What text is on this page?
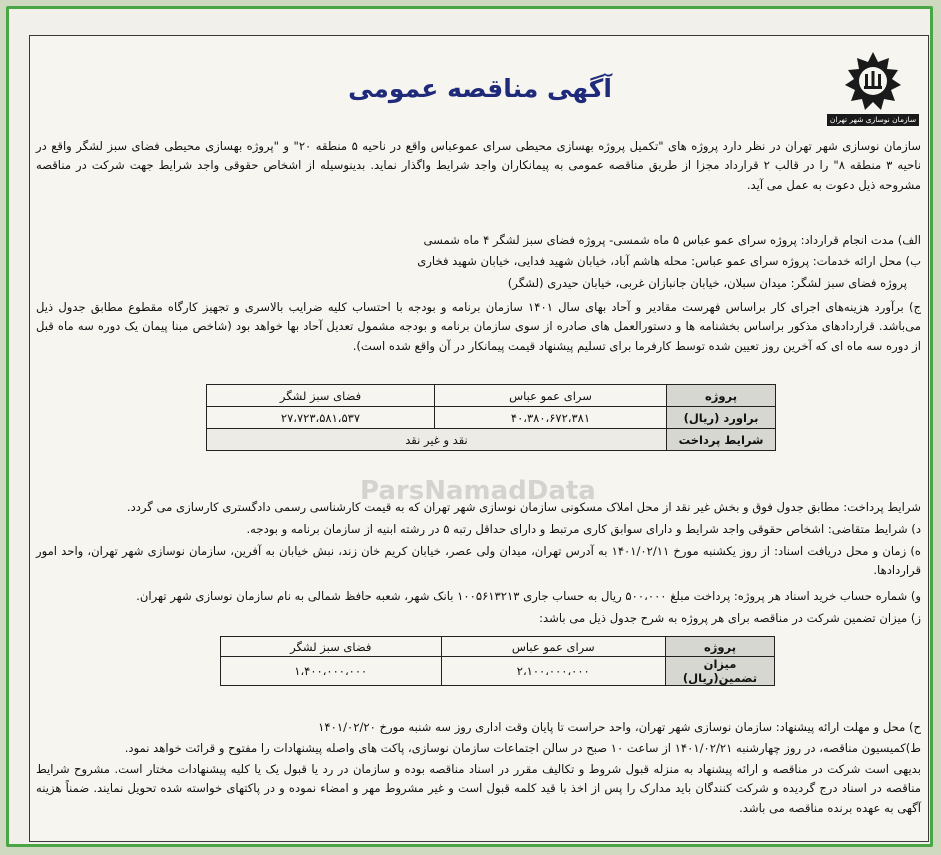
سازمان نوسازی شهر تهران
آگهی مناقصه عمومی

سازمان نوسازی شهر تهران در نظر دارد پروژه های "تکمیل پروژه بهسازی محیطی سرای عموعباس واقع در ناحیه ۵ منطقه ۲۰" و "پروژه بهسازی محیطی فضای سبز لشگر واقع در ناحیه ۳ منطقه ۸" را در قالب ۲ قرارداد مجزا از طریق مناقصه عمومی به پیمانکاران واجد شرایط واگذار نماید. بدینوسیله از اشخاص حقوقی واجد شرایط جهت شرکت در مناقصه مشروحه ذیل دعوت به عمل می آید.

الف) مدت انجام قرارداد: پروژه سرای عمو عباس ۵ ماه شمسی- پروژه فضای سبز لشگر ۴ ماه شمسی

ب) محل ارائه خدمات: پروژه سرای عمو عباس: محله هاشم آباد، خیابان شهید فدایی، خیابان شهید فخاری

پروژه فضای سبز لشگر: میدان سبلان، خیابان جانبازان غربی، خیابان حیدری (لشگر)

ج) برآورد هزینه‌های اجرای کار براساس فهرست مقادیر و آحاد بهای سال ۱۴۰۱ سازمان برنامه و بودجه با احتساب کلیه ضرایب بالاسری و تجهیز کارگاه مقطوع مطابق جدول ذیل می‌باشد. قراردادهای مذکور براساس بخشنامه ها و دستورالعمل های صادره از سوی سازمان برنامه و بودجه مشمول تعدیل آحاد بها خواهد بود (شاخص مبنا پیمان یک دوره سه ماه قبل از دوره سه ماه ای که آخرین روز تعیین شده توسط کارفرما برای تسلیم پیشنهاد قیمت پیمانکار در آن واقع شده است).

شرایط پرداخت: مطابق جدول فوق و بخش غیر نقد از محل املاک مسکونی سازمان نوسازی شهر تهران که به قیمت کارشناسی رسمی دادگستری کارسازی می گردد.

د) شرایط متقاضی: اشخاص حقوقی واجد شرایط و دارای سوابق کاری مرتبط و دارای حداقل رتبه ۵ در رشته ابنیه از سازمان برنامه و بودجه.

ه) زمان و محل دریافت اسناد: از روز یکشنبه مورخ ۱۴۰۱/۰۲/۱۱ به آدرس تهران، میدان ولی عصر، خیابان کریم خان زند، نبش خیابان به آفرین، سازمان نوسازی شهر تهران، واحد امور قراردادها.

و) شماره حساب خرید اسناد هر پروژه: پرداخت مبلغ ۵۰۰،۰۰۰ ریال به حساب جاری ۱۰۰۵۶۱۳۲۱۳ بانک شهر، شعبه حافظ شمالی به نام سازمان نوسازی شهر تهران.

ز) میزان تضمین شرکت در مناقصه برای هر پروژه به شرح جدول ذیل می باشد:

ح) محل و مهلت ارائه پیشنهاد: سازمان نوسازی شهر تهران، واحد حراست تا پایان وقت اداری روز سه شنبه مورخ ۱۴۰۱/۰۲/۲۰

ط)کمیسیون مناقصه، در روز چهارشنبه ۱۴۰۱/۰۲/۲۱ از ساعت ۱۰ صبح در سالن اجتماعات سازمان نوسازی، پاکت های واصله پیشنهادات را مفتوح و قرائت خواهد نمود.

بدیهی است شرکت در مناقصه و ارائه پیشنهاد به منزله قبول شروط و تکالیف مقرر در اسناد مناقصه بوده و سازمان در رد یا قبول یک یا کلیه پیشنهادات مختار است. مشروح شرایط مناقصه در اسناد درج گردیده و شرکت کنندگان باید مدارک را پس از اخذ با قید کلمه قبول است و غیر مشروط مهر و امضاء نموده و در پاکتهای خواسته شده تحویل نمایند. ضمناً هزینه آگهی به عهده برنده مناقصه می باشد.

پروژه	سرای عمو عباس	فضای سبز لشگر
براورد (ریال)	۴۰،۳۸۰،۶۷۲،۳۸۱	۲۷،۷۲۳،۵۸۱،۵۳۷
شرایط پرداخت	نقد و غیر نقد	
پروژه	سرای عمو عباس	فضای سبز لشگر
میزان تضمین(ریال)	۲،۱۰۰،۰۰۰،۰۰۰	۱،۴۰۰،۰۰۰،۰۰۰
ParsNamadData
